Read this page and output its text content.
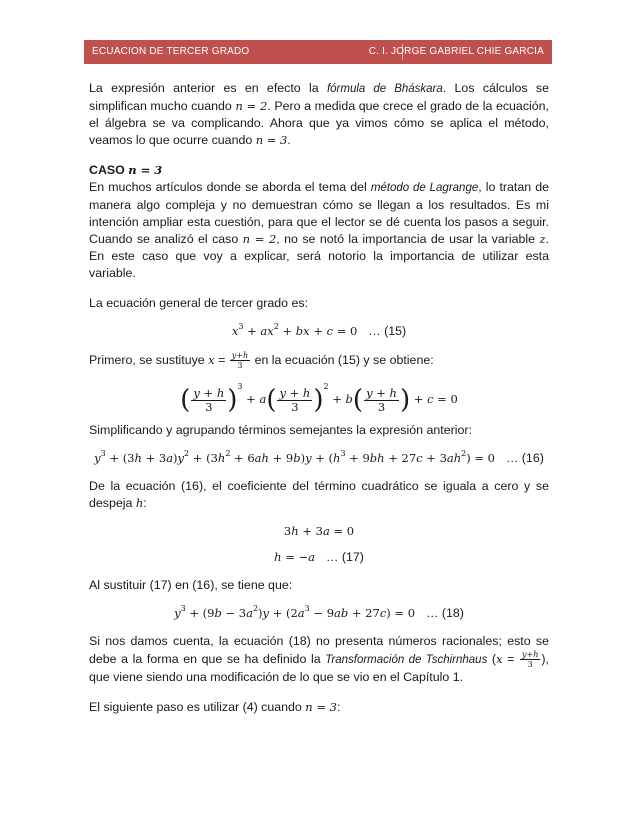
ECUACION DE TERCER GRADO	C. I. JORGE GABRIEL CHIE GARCIA
La expresión anterior es en efecto la fórmula de Bháskara. Los cálculos se simplifican mucho cuando n = 2. Pero a medida que crece el grado de la ecuación, el álgebra se va complicando. Ahora que ya vimos cómo se aplica el método, veamos lo que ocurre cuando n = 3.
CASO n = 3
En muchos artículos donde se aborda el tema del método de Lagrange, lo tratan de manera algo compleja y no demuestran cómo se llegan a los resultados. Es mi intención ampliar esta cuestión, para que el lector se dé cuenta los pasos a seguir. Cuando se analizó el caso n = 2, no se notó la importancia de usar la variable z. En este caso que voy a explicar, será notorio la importancia de utilizar esta variable.
La ecuación general de tercer grado es:
$x^3 + ax^2$ + bx + c = 0   … (15)
Primero, se sustituye $x = \frac{y+h}{3}$ en la ecuación (15) y se obtiene:
( $\frac{y + h}{3} )^3 + a( \frac{y + h}{3} )^2 + b( \frac{y + h}{3}$ ) + c = 0
Simplificando y agrupando términos semejantes la expresión anterior:
$y^3 + (3h + 3a)y^2 + (3h^2 + 6ah + 9b)y + (h^3 + 9bh + 27c + 3ah^2) = 0$   … (16)
De la ecuación (16), el coeficiente del término cuadrático se iguala a cero y se despeja h:
3h + 3a = 0
h = −a … (17)
Al sustituir (17) en (16), se tiene que:
$y^3 + (9b - 3a^2)y + (2a^3 - 9ab + 27c) = 0$   … (18)
Si nos damos cuenta, la ecuación (18) no presenta números racionales; esto se debe a la forma en que se ha definido la Transformación de Tschirnhaus ($x = \frac{y+h}{3}$ ), que viene siendo una modificación de lo que se vio en el Capítulo 1.
El siguiente paso es utilizar (4) cuando n = 3:
